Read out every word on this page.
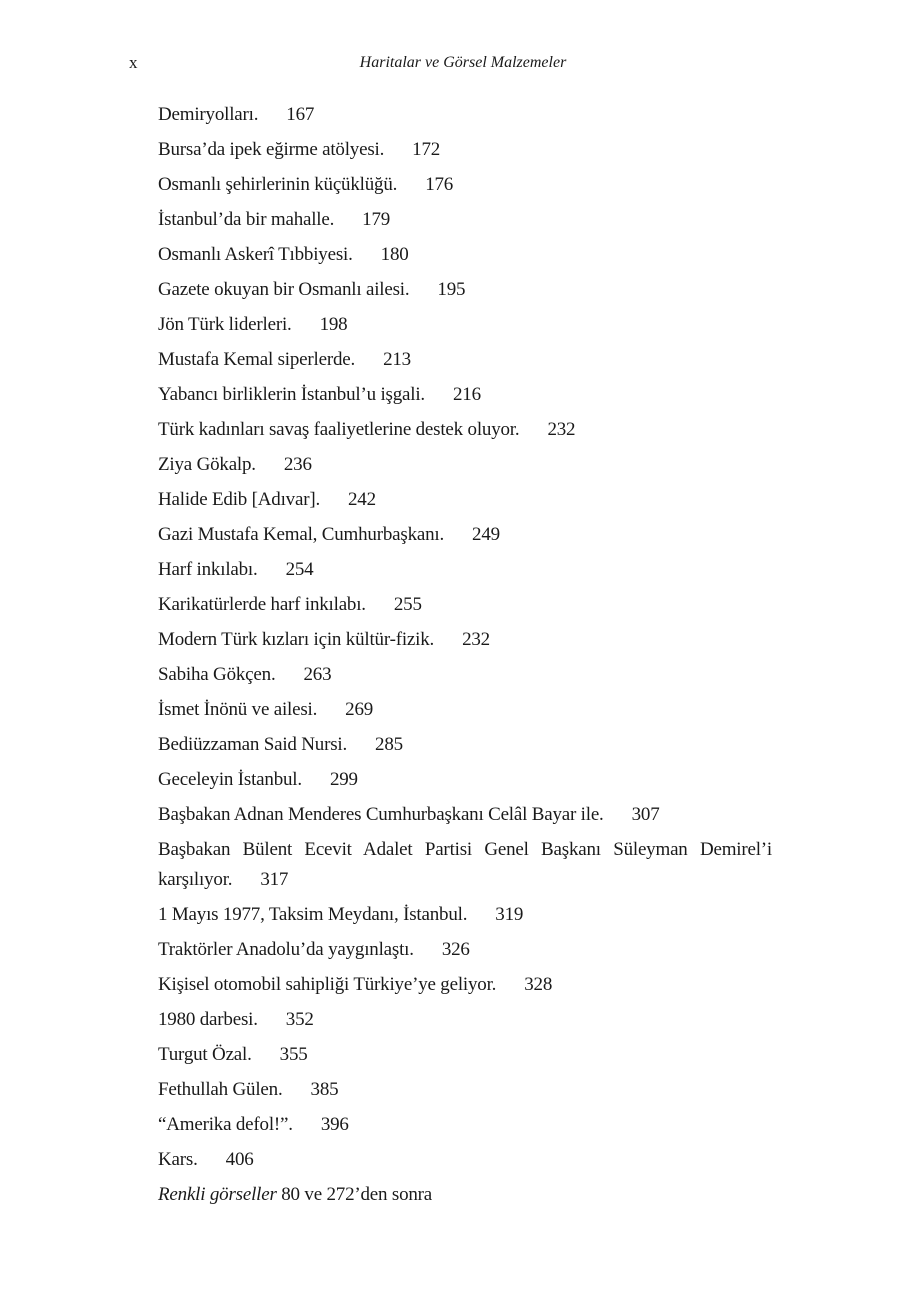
x	Haritalar ve Görsel Malzemeler
Demiryolları. 167
Bursa’da ipek eğirme atölyesi. 172
Osmanlı şehirlerinin küçüklüğü. 176
İstanbul’da bir mahalle. 179
Osmanlı Askerî Tıbbiyesi. 180
Gazete okuyan bir Osmanlı ailesi. 195
Jön Türk liderleri. 198
Mustafa Kemal siperlerde. 213
Yabancı birliklerin İstanbul’u işgali. 216
Türk kadınları savaş faaliyetlerine destek oluyor. 232
Ziya Gökalp. 236
Halide Edib [Adıvar]. 242
Gazi Mustafa Kemal, Cumhurbaşkanı. 249
Harf inkılabı. 254
Karikatürlerde harf inkılabı. 255
Modern Türk kızları için kültür-fizik. 232
Sabiha Gökçen. 263
İsmet İnönü ve ailesi. 269
Bediüzzaman Said Nursi. 285
Geceleyin İstanbul. 299
Başbakan Adnan Menderes Cumhurbaşkanı Celâl Bayar ile. 307
Başbakan Bülent Ecevit Adalet Partisi Genel Başkanı Süleyman Demirel’i karşılıyor. 317
1 Mayıs 1977, Taksim Meydanı, İstanbul. 319
Traktörler Anadolu’da yaygınlaştı. 326
Kişisel otomobil sahipliği Türkiye’ye geliyor. 328
1980 darbesi. 352
Turgut Özal. 355
Fethullah Gülen. 385
“Amerika defol!”. 396
Kars. 406
Renkli görseller 80 ve 272’den sonra
